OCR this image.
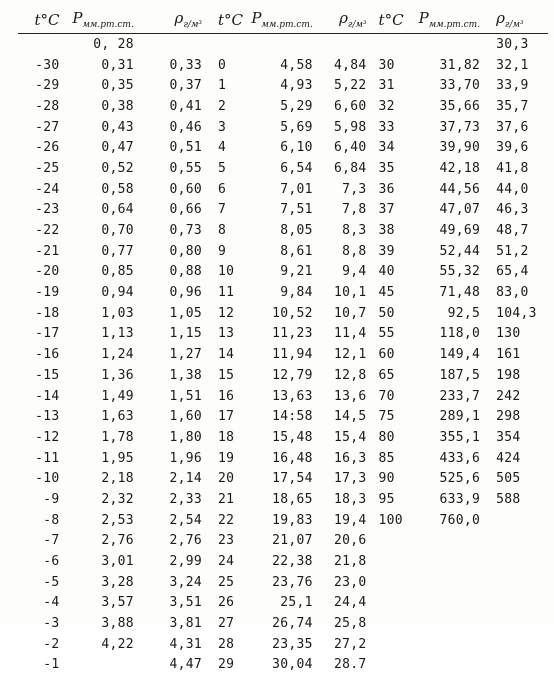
t°C	$P_{мм.рт.ст.}$	$\rho_{г/м^3}$	t°C	$P_{мм.рт.ст.}$	$\rho_{г/м^3}$	t°C	$P_{мм.рт.ст.}$	$\rho_{г/м^3}$
	0, 28							30,3
-30	0,31	0,33	0	4,58	4,84	30	31,82	32,1
-29	0,35	0,37	1	4,93	5,22	31	33,70	33,9
-28	0,38	0,41	2	5,29	6,60	32	35,66	35,7
-27	0,43	0,46	3	5,69	5,98	33	37,73	37,6
-26	0,47	0,51	4	6,10	6,40	34	39,90	39,6
-25	0,52	0,55	5	6,54	6,84	35	42,18	41,8
-24	0,58	0,60	6	7,01	7,3	36	44,56	44,0
-23	0,64	0,66	7	7,51	7,8	37	47,07	46,3
-22	0,70	0,73	8	8,05	8,3	38	49,69	48,7
-21	0,77	0,80	9	8,61	8,8	39	52,44	51,2
-20	0,85	0,88	10	9,21	9,4	40	55,32	65,4
-19	0,94	0,96	11	9,84	10,1	45	71,48	83,0
-18	1,03	1,05	12	10,52	10,7	50	92,5	104,3
-17	1,13	1,15	13	11,23	11,4	55	118,0	130
-16	1,24	1,27	14	11,94	12,1	60	149,4	161
-15	1,36	1,38	15	12,79	12,8	65	187,5	198
-14	1,49	1,51	16	13,63	13,6	70	233,7	242
-13	1,63	1,60	17	14:58	14,5	75	289,1	298
-12	1,78	1,80	18	15,48	15,4	80	355,1	354
-11	1,95	1,96	19	16,48	16,3	85	433,6	424
-10	2,18	2,14	20	17,54	17,3	90	525,6	505
-9	2,32	2,33	21	18,65	18,3	95	633,9	588
-8	2,53	2,54	22	19,83	19,4	100	760,0	
-7	2,76	2,76	23	21,07	20,6			
-6	3,01	2,99	24	22,38	21,8			
-5	3,28	3,24	25	23,76	23,0			
-4	3,57	3,51	26	25,1	24,4			
-3	3,88	3,81	27	26,74	25,8			
-2	4,22	4,31	28	23,35	27,2			
-1		4,47	29	30,04	28.7			
